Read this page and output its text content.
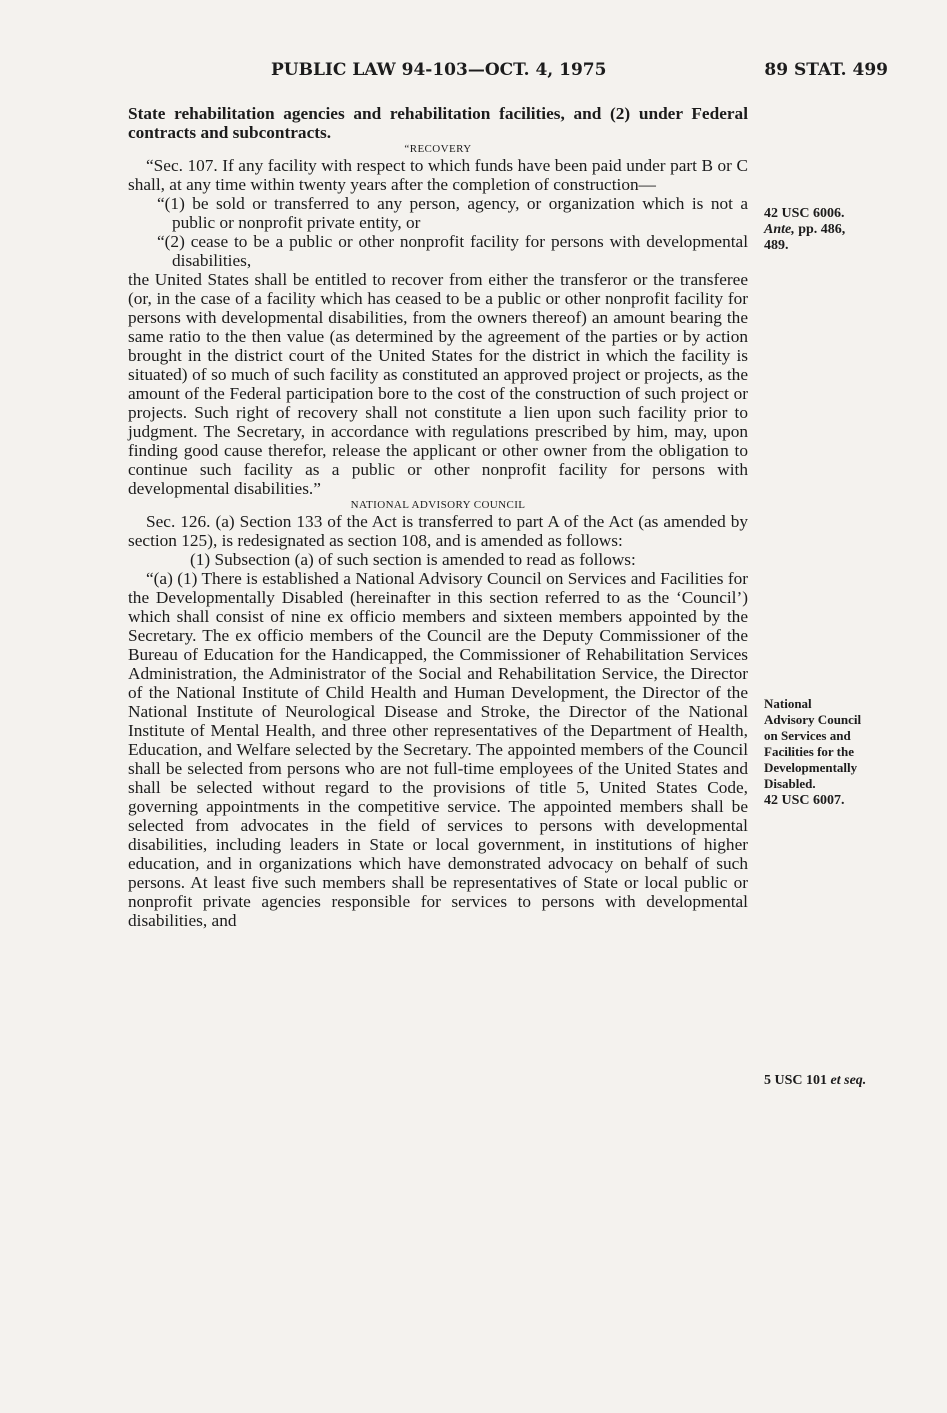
PUBLIC LAW 94-103—OCT. 4, 1975	89 STAT. 499

State rehabilitation agencies and rehabilitation facilities, and (2) under Federal contracts and subcontracts.

“RECOVERY

“Sec. 107. If any facility with respect to which funds have been paid under part B or C shall, at any time within twenty years after the completion of construction—

“(1) be sold or transferred to any person, agency, or organization which is not a public or nonprofit private entity, or

“(2) cease to be a public or other nonprofit facility for persons with developmental disabilities,

the United States shall be entitled to recover from either the transferor or the transferee (or, in the case of a facility which has ceased to be a public or other nonprofit facility for persons with developmental disabilities, from the owners thereof) an amount bearing the same ratio to the then value (as determined by the agreement of the parties or by action brought in the district court of the United States for the district in which the facility is situated) of so much of such facility as constituted an approved project or projects, as the amount of the Federal participation bore to the cost of the construction of such project or projects. Such right of recovery shall not constitute a lien upon such facility prior to judgment. The Secretary, in accordance with regulations prescribed by him, may, upon finding good cause therefor, release the applicant or other owner from the obligation to continue such facility as a public or other nonprofit facility for persons with developmental disabilities.”

NATIONAL ADVISORY COUNCIL

Sec. 126. (a) Section 133 of the Act is transferred to part A of the Act (as amended by section 125), is redesignated as section 108, and is amended as follows:

(1) Subsection (a) of such section is amended to read as follows:

“(a) (1) There is established a National Advisory Council on Services and Facilities for the Developmentally Disabled (hereinafter in this section referred to as the ‘Council’) which shall consist of nine ex officio members and sixteen members appointed by the Secretary. The ex officio members of the Council are the Deputy Commissioner of the Bureau of Education for the Handicapped, the Commissioner of Rehabilitation Services Administration, the Administrator of the Social and Rehabilitation Service, the Director of the National Institute of Child Health and Human Development, the Director of the National Institute of Neurological Disease and Stroke, the Director of the National Institute of Mental Health, and three other representatives of the Department of Health, Education, and Welfare selected by the Secretary. The appointed members of the Council shall be selected from persons who are not full-time employees of the United States and shall be selected without regard to the provisions of title 5, United States Code, governing appointments in the competitive service. The appointed members shall be selected from advocates in the field of services to persons with developmental disabilities, including leaders in State or local government, in institutions of higher education, and in organizations which have demonstrated advocacy on behalf of such persons. At least five such members shall be representatives of State or local public or nonprofit private agencies responsible for services to persons with developmental disabilities, and

42 USC 6006.
Ante, pp. 486,
489.
National
Advisory Council
on Services and
Facilities for the
Developmentally
Disabled.
42 USC 6007.
5 USC 101 et seq.
